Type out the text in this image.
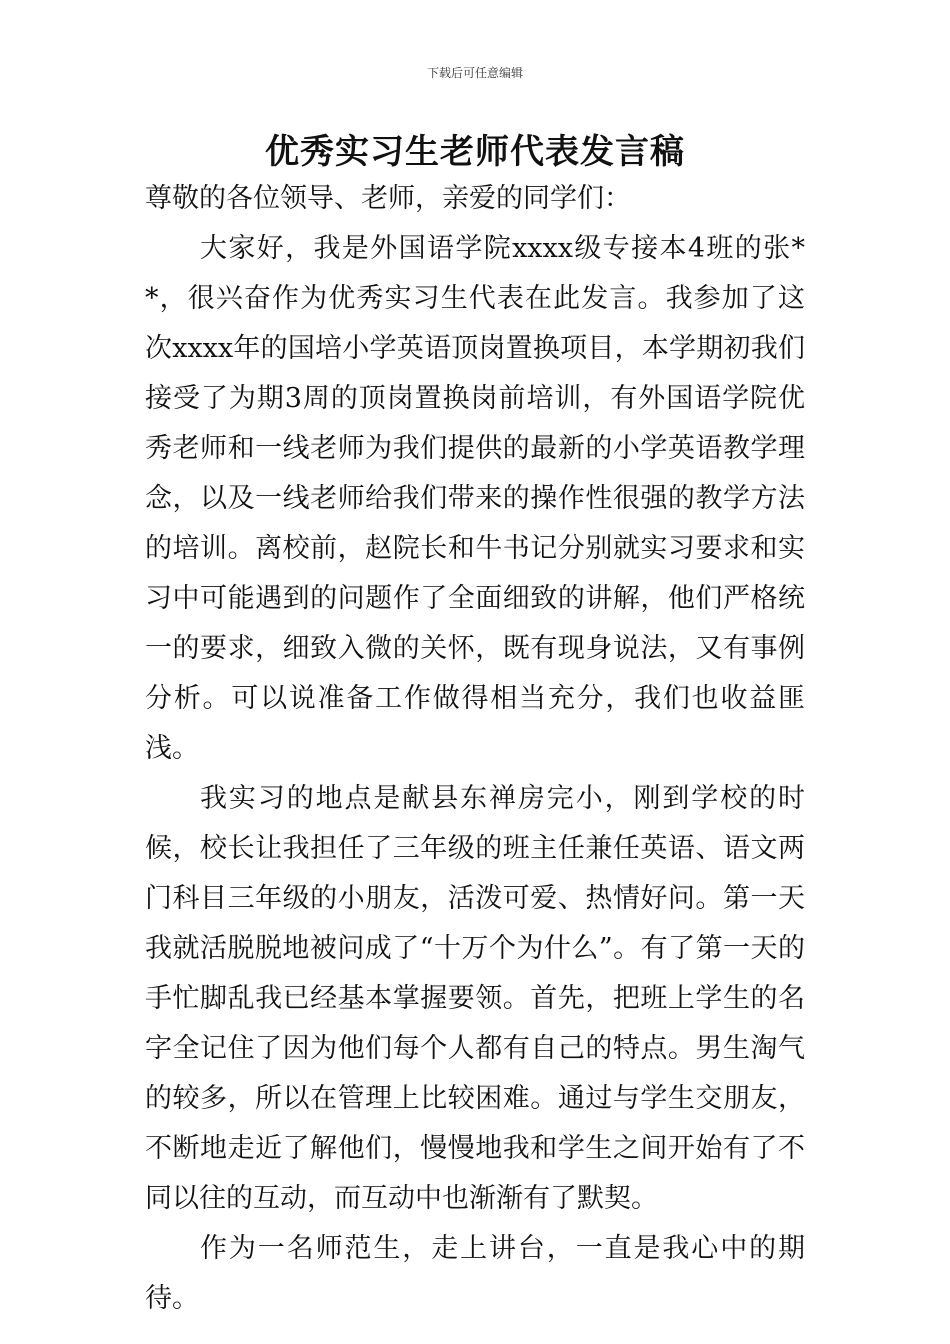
下载后可任意编辑
优秀实习生老师代表发言稿

尊敬的各位领导、老师，亲爱的同学们：

大家好，我是外国语学院xxxx级专接本4班的张**，很兴奋作为优秀实习生代表在此发言。我参加了这次xxxx年的国培小学英语顶岗置换项目，本学期初我们接受了为期3周的顶岗置换岗前培训，有外国语学院优秀老师和一线老师为我们提供的最新的小学英语教学理念，以及一线老师给我们带来的操作性很强的教学方法的培训。离校前，赵院长和牛书记分别就实习要求和实习中可能遇到的问题作了全面细致的讲解，他们严格统一的要求，细致入微的关怀，既有现身说法，又有事例分析。可以说准备工作做得相当充分，我们也收益匪浅。

我实习的地点是献县东禅房完小，刚到学校的时候，校长让我担任了三年级的班主任兼任英语、语文两门科目三年级的小朋友，活泼可爱、热情好问。第一天我就活脱脱地被问成了“十万个为什么”。有了第一天的手忙脚乱我已经基本掌握要领。首先，把班上学生的名字全记住了因为他们每个人都有自己的特点。男生淘气的较多，所以在管理上比较困难。通过与学生交朋友，不断地走近了解他们，慢慢地我和学生之间开始有了不同以往的互动，而互动中也渐渐有了默契。

作为一名师范生，走上讲台，一直是我心中的期待。
